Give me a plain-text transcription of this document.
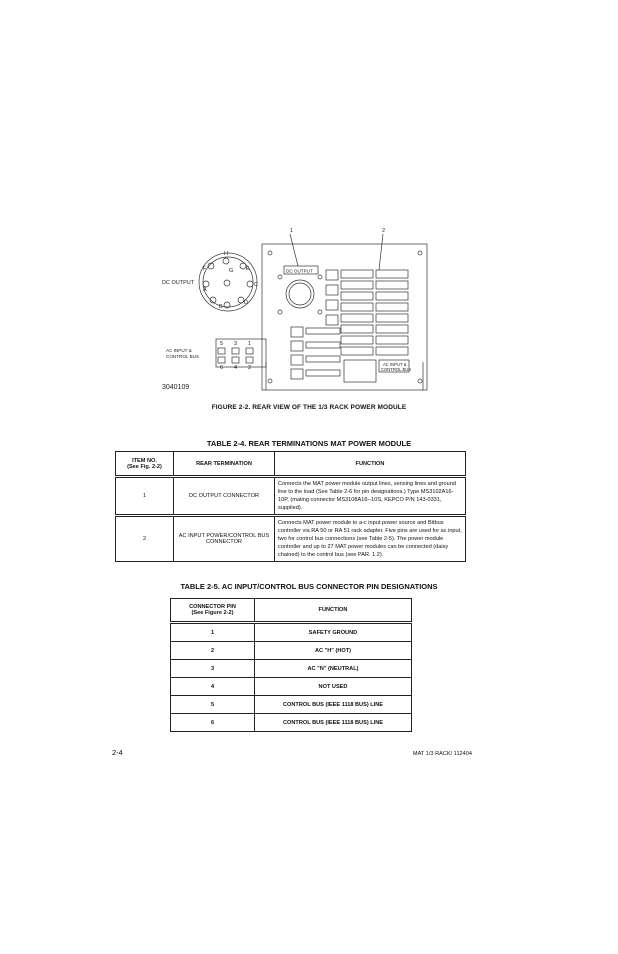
1	2
DC OUTPUT
DC OUTPUT
AC INPUT &
CONTROL BUS
AC INPUT &
CONTROL BUS
5 3 1
6 4 2
H
E
C
A
B
D
F	G
3040109
FIGURE 2-2. REAR VIEW OF THE 1/3 RACK POWER MODULE
TABLE 2-4. REAR TERMINATIONS MAT POWER MODULE
ITEM NO.
(See Fig. 2-2)	REAR TERMINATION	FUNCTION

1	DC OUTPUT CONNECTOR	Connects the MAT power module output lines, sensing lines and ground line to the load (See Table 2-6 for pin designations.) Type MS3102A16-10P, (mating connector MS3108A16--10S, KEPCO P/N 143-0331, supplied).

2	AC INPUT POWER/CONTROL BUS CONNECTOR	Connects MAT power module to a-c input power source and Bitbus controller via RA 50 or RA 51 rack adapter. Five pins are used for ac input, two for control bus connections (see Table 2-5). The power module controller and up to 27 MAT power modules can be connected (daisy chained) to the control bus (see PAR. 1.2).
TABLE 2-5. AC INPUT/CONTROL BUS CONNECTOR PIN DESIGNATIONS
CONNECTOR PIN
(See Figure 2-2)	FUNCTION

1	SAFETY GROUND
2	AC "H" (HOT)
3	AC "N" (NEUTRAL)
4	NOT USED
5	CONTROL BUS (IEEE 1118 BUS) LINE
6	CONTROL BUS (IEEE 1118 BUS) LINE
2-4	MAT 1/3 RACK/ 112404
